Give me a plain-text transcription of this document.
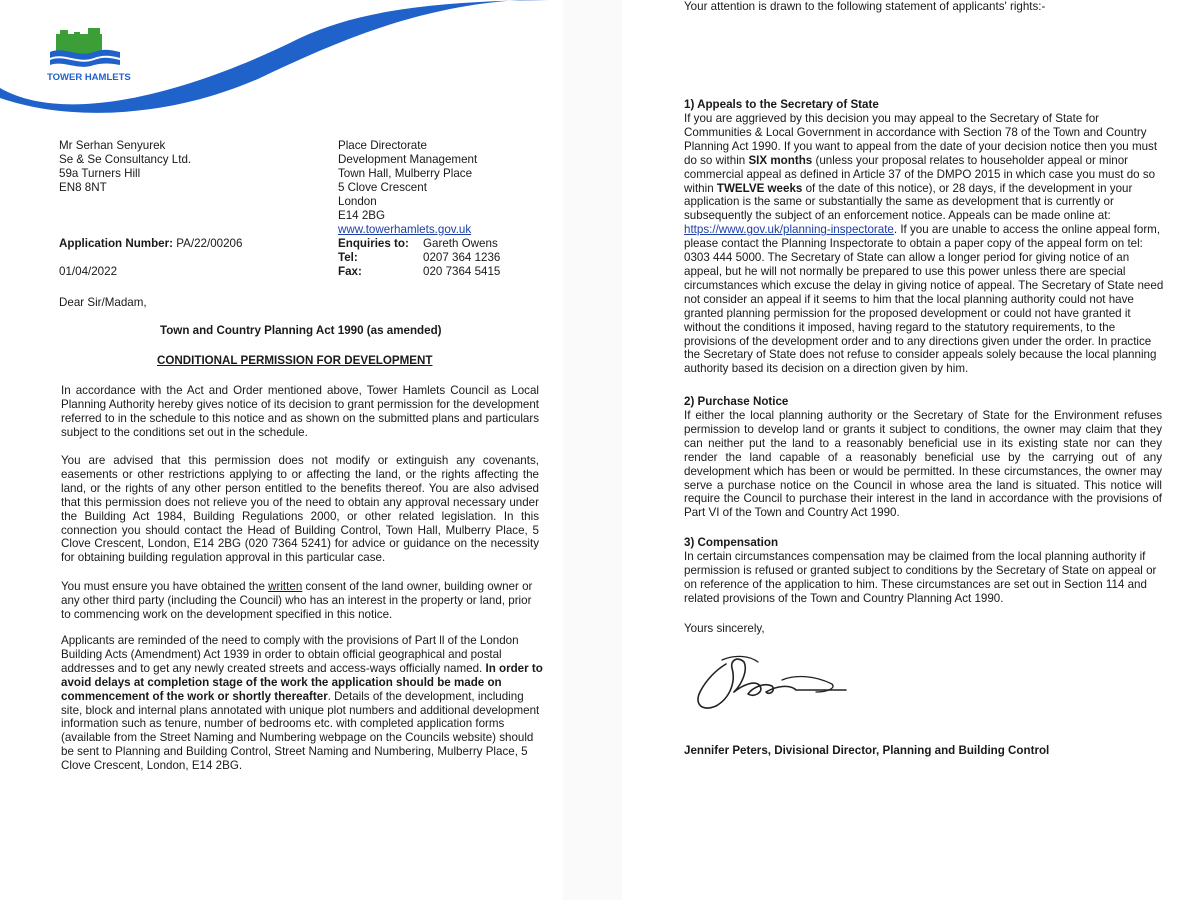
TOWER HAMLETS
Mr Serhan Senyurek
Se & Se Consultancy Ltd.
59a Turners Hill
EN8 8NT
Place Directorate
Development Management
Town Hall, Mulberry Place
5 Clove Crescent
London
E14 2BG
www.towerhamlets.gov.uk
Enquiries to: Gareth Owens
Tel:	0207 364 1236
Fax:	020 7364 5415
Application Number: PA/22/00206
01/04/2022
Dear Sir/Madam,
Town and Country Planning Act 1990 (as amended)
CONDITIONAL PERMISSION FOR DEVELOPMENT
In accordance with the Act and Order mentioned above, Tower Hamlets Council as Local Planning Authority hereby gives notice of its decision to grant permission for the development referred to in the schedule to this notice and as shown on the submitted plans and particulars subject to the conditions set out in the schedule.
You are advised that this permission does not modify or extinguish any covenants, easements or other restrictions applying to or affecting the land, or the rights affecting the land, or the rights of any other person entitled to the benefits thereof. You are also advised that this permission does not relieve you of the need to obtain any approval necessary under the Building Act 1984, Building Regulations 2000, or other related legislation. In this connection you should contact the Head of Building Control, Town Hall, Mulberry Place, 5 Clove Crescent, London, E14 2BG (020 7364 5241) for advice or guidance on the necessity for obtaining building regulation approval in this particular case.
You must ensure you have obtained the written consent of the land owner, building owner or any other third party (including the Council) who has an interest in the property or land, prior to commencing work on the development specified in this notice.
Applicants are reminded of the need to comply with the provisions of Part ll of the London Building Acts (Amendment) Act 1939 in order to obtain official geographical and postal addresses and to get any newly created streets and access-ways officially named. In order to avoid delays at completion stage of the work the application should be made on commencement of the work or shortly thereafter. Details of the development, including site, block and internal plans annotated with unique plot numbers and additional development information such as tenure, number of bedrooms etc. with completed application forms (available from the Street Naming and Numbering webpage on the Councils website) should be sent to Planning and Building Control, Street Naming and Numbering, Mulberry Place, 5 Clove Crescent, London, E14 2BG.
Your attention is drawn to the following statement of applicants' rights:-
1) Appeals to the Secretary of State
If you are aggrieved by this decision you may appeal to the Secretary of State for Communities & Local Government in accordance with Section 78 of the Town and Country Planning Act 1990. If you want to appeal from the date of your decision notice then you must do so within SIX months (unless your proposal relates to householder appeal or minor commercial appeal as defined in Article 37 of the DMPO 2015 in which case you must do so within TWELVE weeks of the date of this notice), or 28 days, if the development in your application is the same or substantially the same as development that is currently or subsequently the subject of an enforcement notice. Appeals can be made online at: https://www.gov.uk/planning-inspectorate. If you are unable to access the online appeal form, please contact the Planning Inspectorate to obtain a paper copy of the appeal form on tel: 0303 444 5000. The Secretary of State can allow a longer period for giving notice of an appeal, but he will not normally be prepared to use this power unless there are special circumstances which excuse the delay in giving notice of appeal. The Secretary of State need not consider an appeal if it seems to him that the local planning authority could not have granted planning permission for the proposed development or could not have granted it without the conditions it imposed, having regard to the statutory requirements, to the provisions of the development order and to any directions given under the order. In practice the Secretary of State does not refuse to consider appeals solely because the local planning authority based its decision on a direction given by him.
2) Purchase Notice
If either the local planning authority or the Secretary of State for the Environment refuses permission to develop land or grants it subject to conditions, the owner may claim that they can neither put the land to a reasonably beneficial use in its existing state nor can they render the land capable of a reasonably beneficial use by the carrying out of any development which has been or would be permitted. In these circumstances, the owner may serve a purchase notice on the Council in whose area the land is situated. This notice will require the Council to purchase their interest in the land in accordance with the provisions of Part VI of the Town and Country Act 1990.
3) Compensation
In certain circumstances compensation may be claimed from the local planning authority if permission is refused or granted subject to conditions by the Secretary of State on appeal or on reference of the application to him. These circumstances are set out in Section 114 and related provisions of the Town and Country Planning Act 1990.
Yours sincerely,
Jennifer Peters, Divisional Director, Planning and Building Control
